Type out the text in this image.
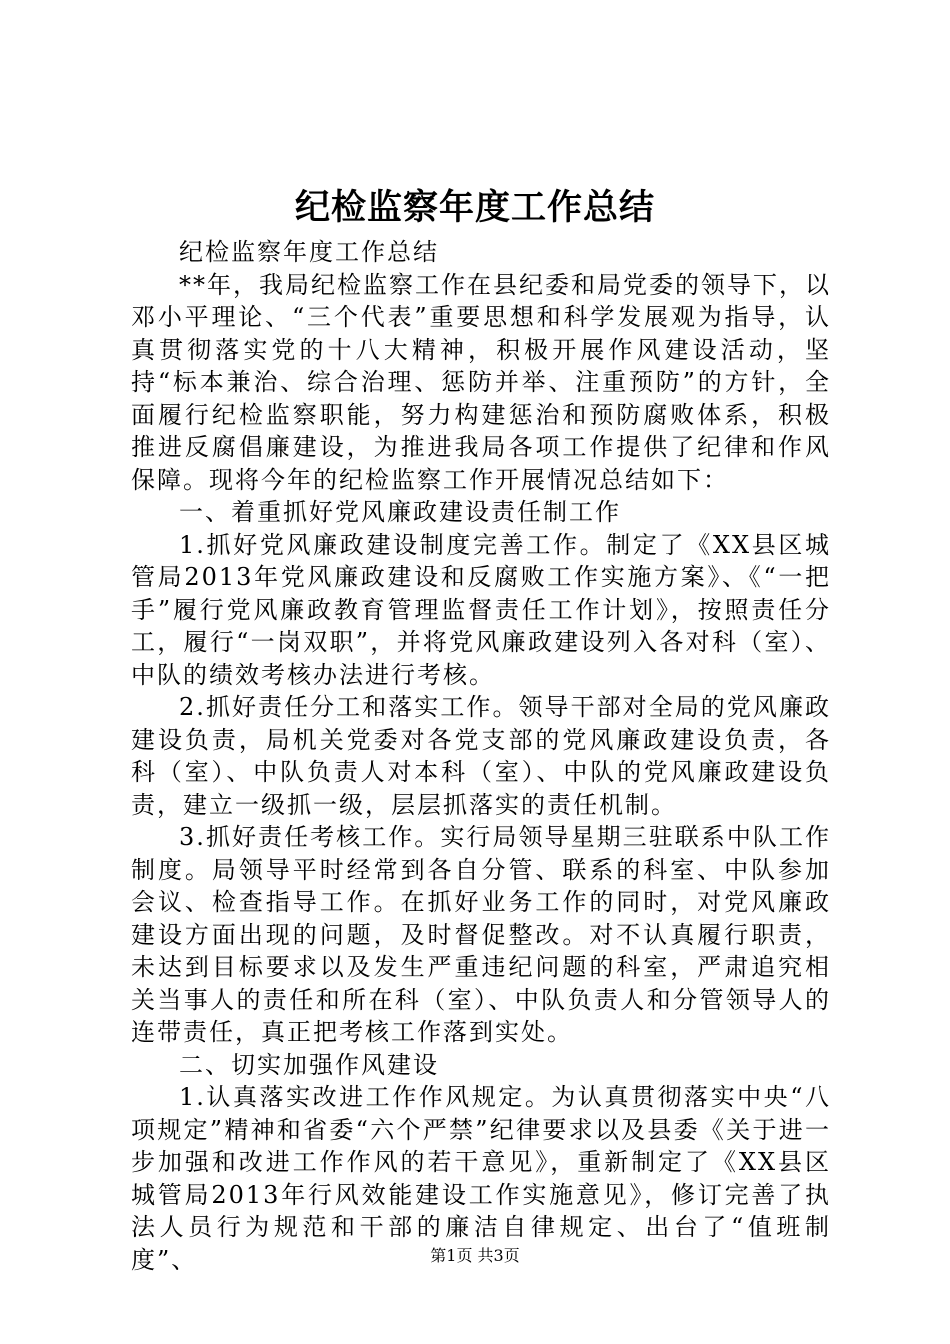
纪检监察年度工作总结

纪检监察年度工作总结

**年，我局纪检监察工作在县纪委和局党委的领导下，以邓小平理论、“三个代表”重要思想和科学发展观为指导，认真贯彻落实党的十八大精神，积极开展作风建设活动，坚持“标本兼治、综合治理、惩防并举、注重预防”的方针，全面履行纪检监察职能，努力构建惩治和预防腐败体系，积极推进反腐倡廉建设，为推进我局各项工作提供了纪律和作风保障。现将今年的纪检监察工作开展情况总结如下：

一、着重抓好党风廉政建设责任制工作

1.抓好党风廉政建设制度完善工作。制定了《XX县区城管局2013年党风廉政建设和反腐败工作实施方案》、《“一把手”履行党风廉政教育管理监督责任工作计划》，按照责任分工，履行“一岗双职”，并将党风廉政建设列入各对科（室）、中队的绩效考核办法进行考核。

2.抓好责任分工和落实工作。领导干部对全局的党风廉政建设负责，局机关党委对各党支部的党风廉政建设负责，各科（室）、中队负责人对本科（室）、中队的党风廉政建设负责，建立一级抓一级，层层抓落实的责任机制。

3.抓好责任考核工作。实行局领导星期三驻联系中队工作制度。局领导平时经常到各自分管、联系的科室、中队参加会议、检查指导工作。在抓好业务工作的同时，对党风廉政建设方面出现的问题，及时督促整改。对不认真履行职责，未达到目标要求以及发生严重违纪问题的科室，严肃追究相关当事人的责任和所在科（室）、中队负责人和分管领导人的连带责任，真正把考核工作落到实处。

二、切实加强作风建设

1.认真落实改进工作作风规定。为认真贯彻落实中央“八项规定”精神和省委“六个严禁”纪律要求以及县委《关于进一步加强和改进工作作风的若干意见》，重新制定了《XX县区城管局2013年行风效能建设工作实施意见》，修订完善了执法人员行为规范和干部的廉洁自律规定、出台了“值班制度”、	第1页 共3页
